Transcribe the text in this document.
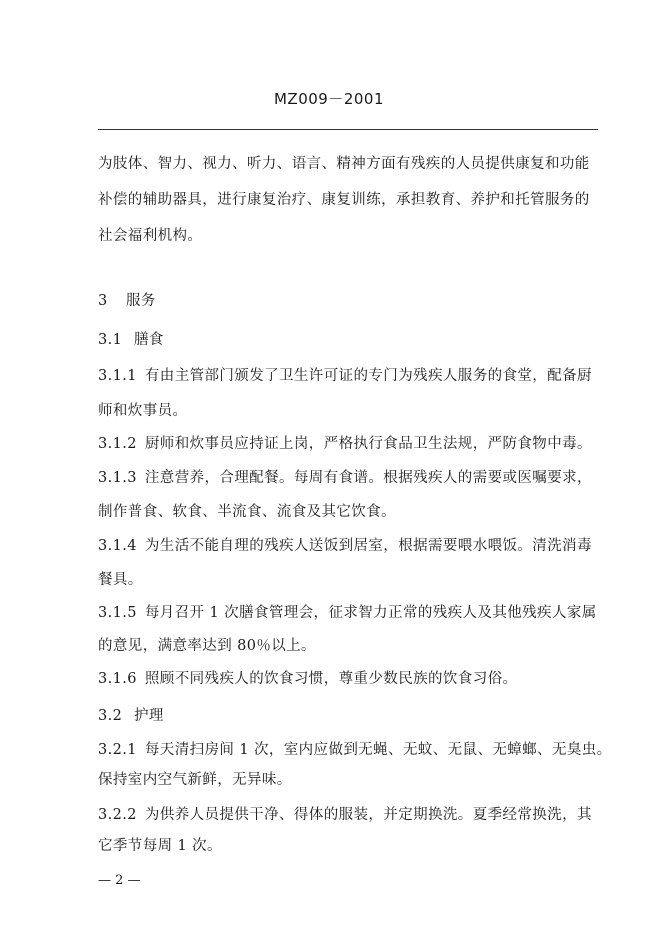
MZ009－2001
为肢体、智力、视力、听力、语言、精神方面有残疾的人员提供康复和功能
补偿的辅助器具，进行康复治疗、康复训练，承担教育、养护和托管服务的
社会福利机构。
3 服务
3.1 膳食
3.1.1 有由主管部门颁发了卫生许可证的专门为残疾人服务的食堂，配备厨
师和炊事员。
3.1.2 厨师和炊事员应持证上岗，严格执行食品卫生法规，严防食物中毒。
3.1.3 注意营养，合理配餐。每周有食谱。根据残疾人的需要或医嘱要求，
制作普食、软食、半流食、流食及其它饮食。
3.1.4 为生活不能自理的残疾人送饭到居室，根据需要喂水喂饭。清洗消毒
餐具。
3.1.5 每月召开 1 次膳食管理会，征求智力正常的残疾人及其他残疾人家属
的意见，满意率达到 80％以上。
3.1.6 照顾不同残疾人的饮食习惯，尊重少数民族的饮食习俗。
3.2 护理
3.2.1 每天清扫房间 1 次，室内应做到无蝇、无蚊、无鼠、无蟑螂、无臭虫。
保持室内空气新鲜，无异味。
3.2.2 为供养人员提供干净、得体的服装，并定期换洗。夏季经常换洗，其
它季节每周 1 次。
— 2 —
